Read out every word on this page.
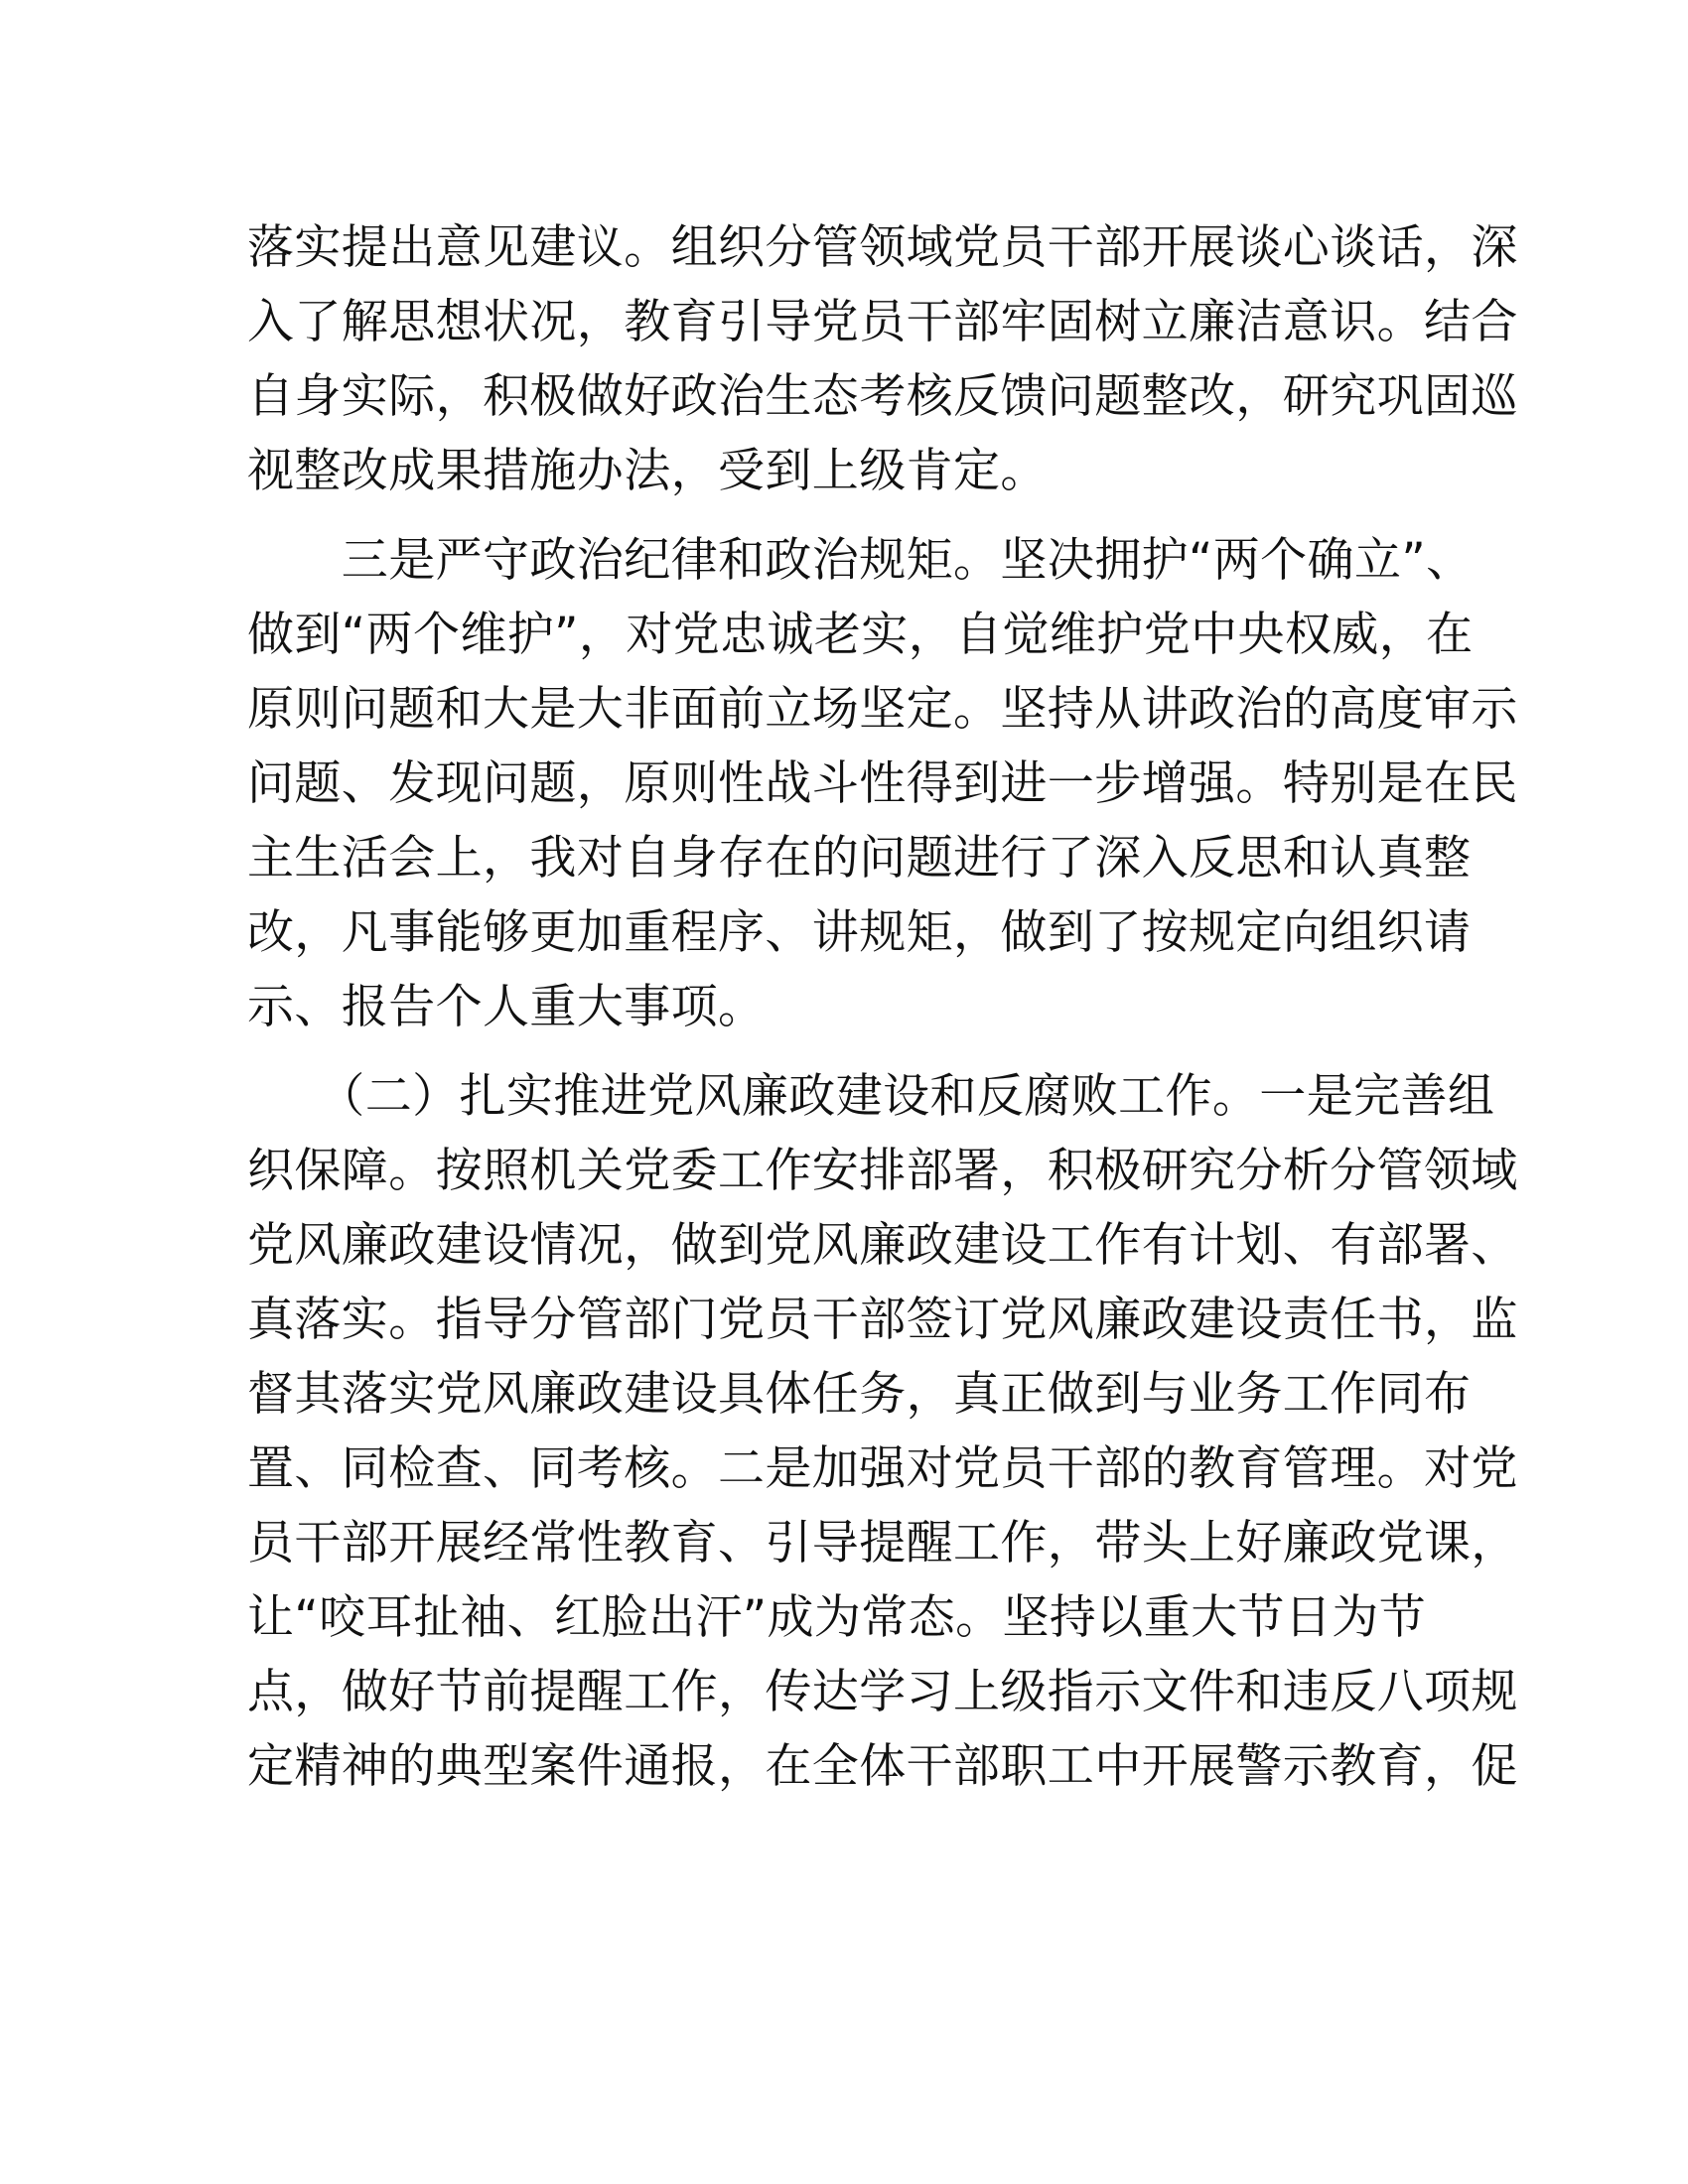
落实提出意见建议。组织分管领域党员干部开展谈心谈话，深
入了解思想状况，教育引导党员干部牢固树立廉洁意识。结合
自身实际，积极做好政治生态考核反馈问题整改，研究巩固巡
视整改成果措施办法，受到上级肯定。
　　三是严守政治纪律和政治规矩。坚决拥护“两个确立”、
做到“两个维护”，对党忠诚老实，自觉维护党中央权威，在
原则问题和大是大非面前立场坚定。坚持从讲政治的高度审示
问题、发现问题，原则性战斗性得到进一步增强。特别是在民
主生活会上，我对自身存在的问题进行了深入反思和认真整
改，凡事能够更加重程序、讲规矩，做到了按规定向组织请
示、报告个人重大事项。
　　（二）扎实推进党风廉政建设和反腐败工作。一是完善组
织保障。按照机关党委工作安排部署，积极研究分析分管领域
党风廉政建设情况，做到党风廉政建设工作有计划、有部署、
真落实。指导分管部门党员干部签订党风廉政建设责任书，监
督其落实党风廉政建设具体任务，真正做到与业务工作同布
置、同检查、同考核。二是加强对党员干部的教育管理。对党
员干部开展经常性教育、引导提醒工作，带头上好廉政党课，
让“咬耳扯袖、红脸出汗”成为常态。坚持以重大节日为节
点，做好节前提醒工作，传达学习上级指示文件和违反八项规
定精神的典型案件通报，在全体干部职工中开展警示教育，促
